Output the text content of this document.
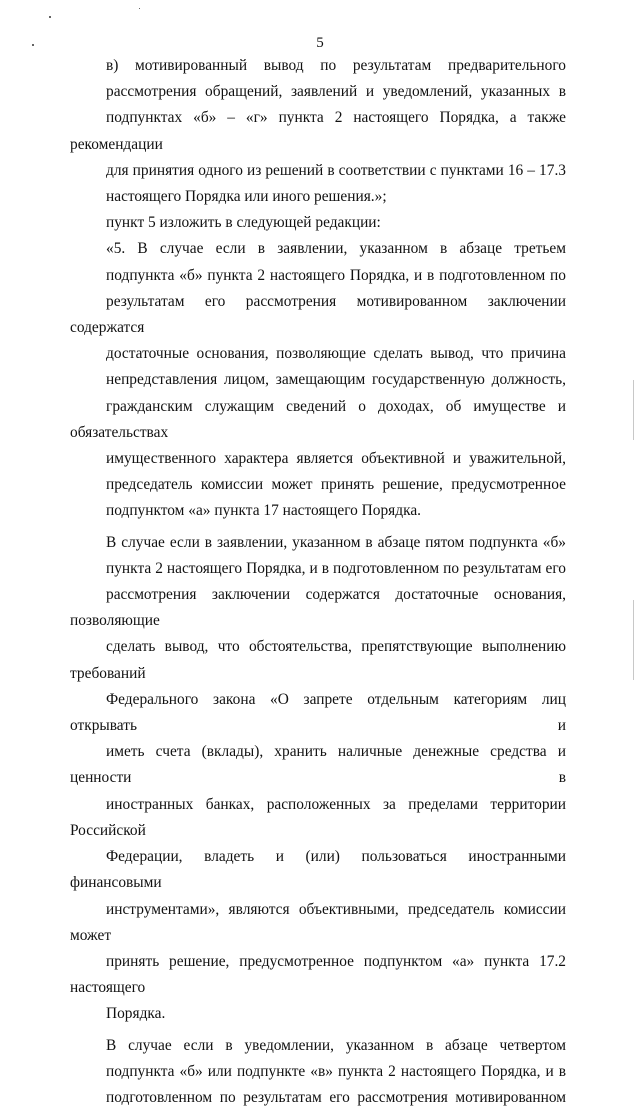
5

в) мотивированный вывод по результатам предварительного
рассмотрения обращений, заявлений и уведомлений, указанных в
подпунктах «б» – «г» пункта 2 настоящего Порядка, а также рекомендации
для принятия одного из решений в соответствии с пунктами 16 – 17.3
настоящего Порядка или иного решения.»;

пункт 5 изложить в следующей редакции:

«5. В случае если в заявлении, указанном в абзаце третьем
подпункта «б» пункта 2 настоящего Порядка, и в подготовленном по
результатам его рассмотрения мотивированном заключении содержатся
достаточные основания, позволяющие сделать вывод, что причина
непредставления лицом, замещающим государственную должность,
гражданским служащим сведений о доходах, об имуществе и обязательствах
имущественного характера является объективной и уважительной,
председатель комиссии может принять решение, предусмотренное
подпунктом «а» пункта 17 настоящего Порядка.

В случае если в заявлении, указанном в абзаце пятом подпункта «б»
пункта 2 настоящего Порядка, и в подготовленном по результатам его
рассмотрения заключении содержатся достаточные основания, позволяющие
сделать вывод, что обстоятельства, препятствующие выполнению требований
Федерального закона «О запрете отдельным категориям лиц открывать и
иметь счета (вклады), хранить наличные денежные средства и ценности в
иностранных банках, расположенных за пределами территории Российской
Федерации, владеть и (или) пользоваться иностранными финансовыми
инструментами», являются объективными, председатель комиссии может
принять решение, предусмотренное подпунктом «а» пункта 17.2 настоящего
Порядка.

В случае если в уведомлении, указанном в абзаце четвертом
подпункта «б» или подпункте «в» пункта 2 настоящего Порядка, и в
подготовленном по результатам его рассмотрения мотивированном
